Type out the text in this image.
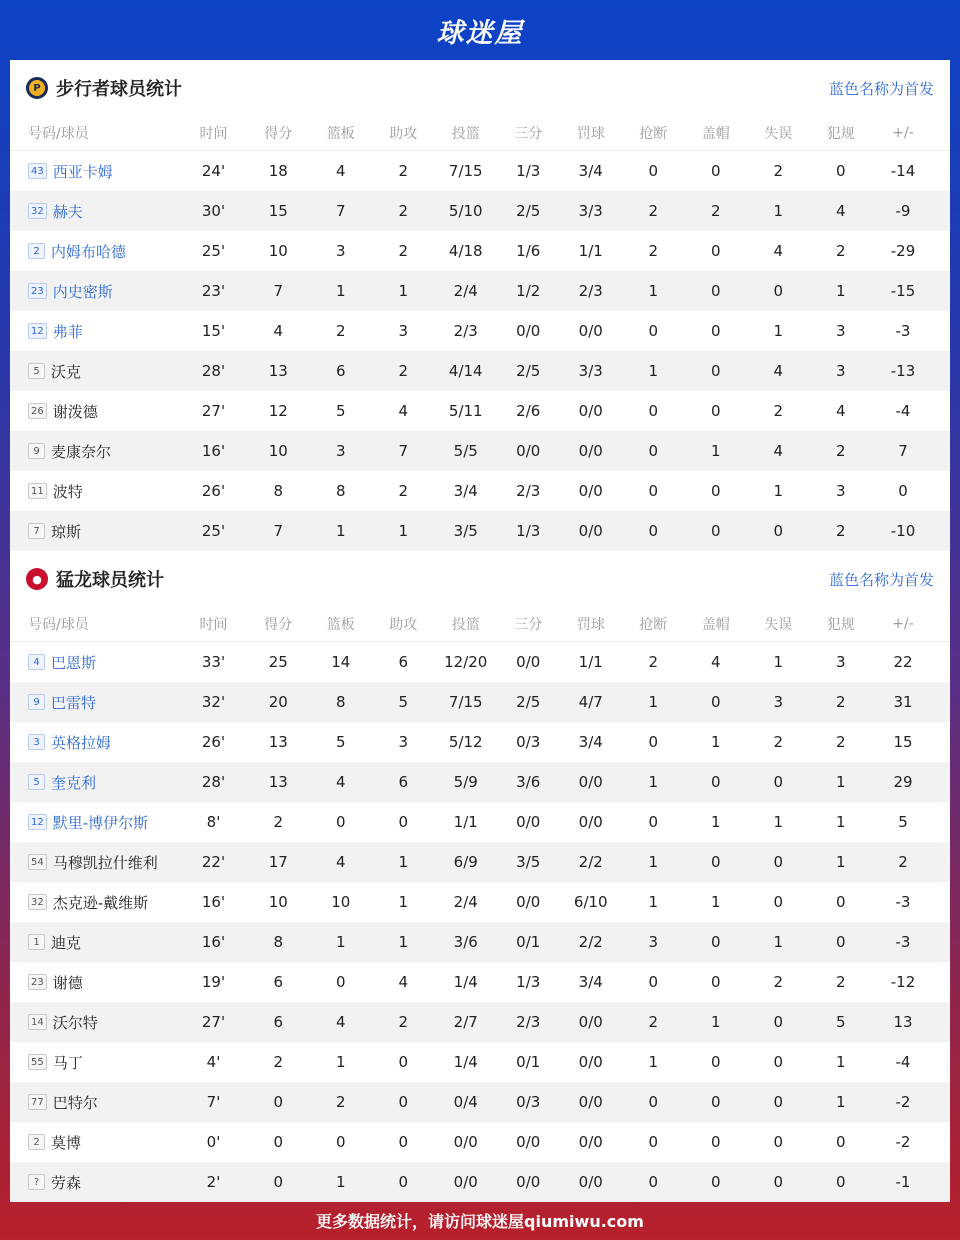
球迷屋
P 步行者球员统计	蓝色名称为首发
号码/球员	时间	得分	篮板	助攻	投篮	三分	罚球	抢断	盖帽	失误	犯规	+/-
43 西亚卡姆	24'	18	4	2	7/15	1/3	3/4	0	0	2	0	-14
32 赫夫	30'	15	7	2	5/10	2/5	3/3	2	2	1	4	-9
2 内姆布哈德	25'	10	3	2	4/18	1/6	1/1	2	0	4	2	-29
23 内史密斯	23'	7	1	1	2/4	1/2	2/3	1	0	0	1	-15
12 弗菲	15'	4	2	3	2/3	0/0	0/0	0	0	1	3	-3
5 沃克	28'	13	6	2	4/14	2/5	3/3	1	0	4	3	-13
26 谢泼德	27'	12	5	4	5/11	2/6	0/0	0	0	2	4	-4
9 麦康奈尔	16'	10	3	7	5/5	0/0	0/0	0	1	4	2	7
11 波特	26'	8	8	2	3/4	2/3	0/0	0	0	1	3	0
7 琼斯	25'	7	1	1	3/5	1/3	0/0	0	0	0	2	-10
● 猛龙球员统计	蓝色名称为首发
号码/球员	时间	得分	篮板	助攻	投篮	三分	罚球	抢断	盖帽	失误	犯规	+/-
4 巴恩斯	33'	25	14	6	12/20	0/0	1/1	2	4	1	3	22
9 巴雷特	32'	20	8	5	7/15	2/5	4/7	1	0	3	2	31
3 英格拉姆	26'	13	5	3	5/12	0/3	3/4	0	1	2	2	15
5 奎克利	28'	13	4	6	5/9	3/6	0/0	1	0	0	1	29
12 默里-博伊尔斯	8'	2	0	0	1/1	0/0	0/0	0	1	1	1	5
54 马穆凯拉什维利	22'	17	4	1	6/9	3/5	2/2	1	0	0	1	2
32 杰克逊-戴维斯	16'	10	10	1	2/4	0/0	6/10	1	1	0	0	-3
1 迪克	16'	8	1	1	3/6	0/1	2/2	3	0	1	0	-3
23 谢德	19'	6	0	4	1/4	1/3	3/4	0	0	2	2	-12
14 沃尔特	27'	6	4	2	2/7	2/3	0/0	2	1	0	5	13
55 马丁	4'	2	1	0	1/4	0/1	0/0	1	0	0	1	-4
77 巴特尔	7'	0	2	0	0/4	0/3	0/0	0	0	0	1	-2
2 莫博	0'	0	0	0	0/0	0/0	0/0	0	0	0	0	-2
? 劳森	2'	0	1	0	0/0	0/0	0/0	0	0	0	0	-1
更多数据统计，请访问球迷屋qiumiwu.com
